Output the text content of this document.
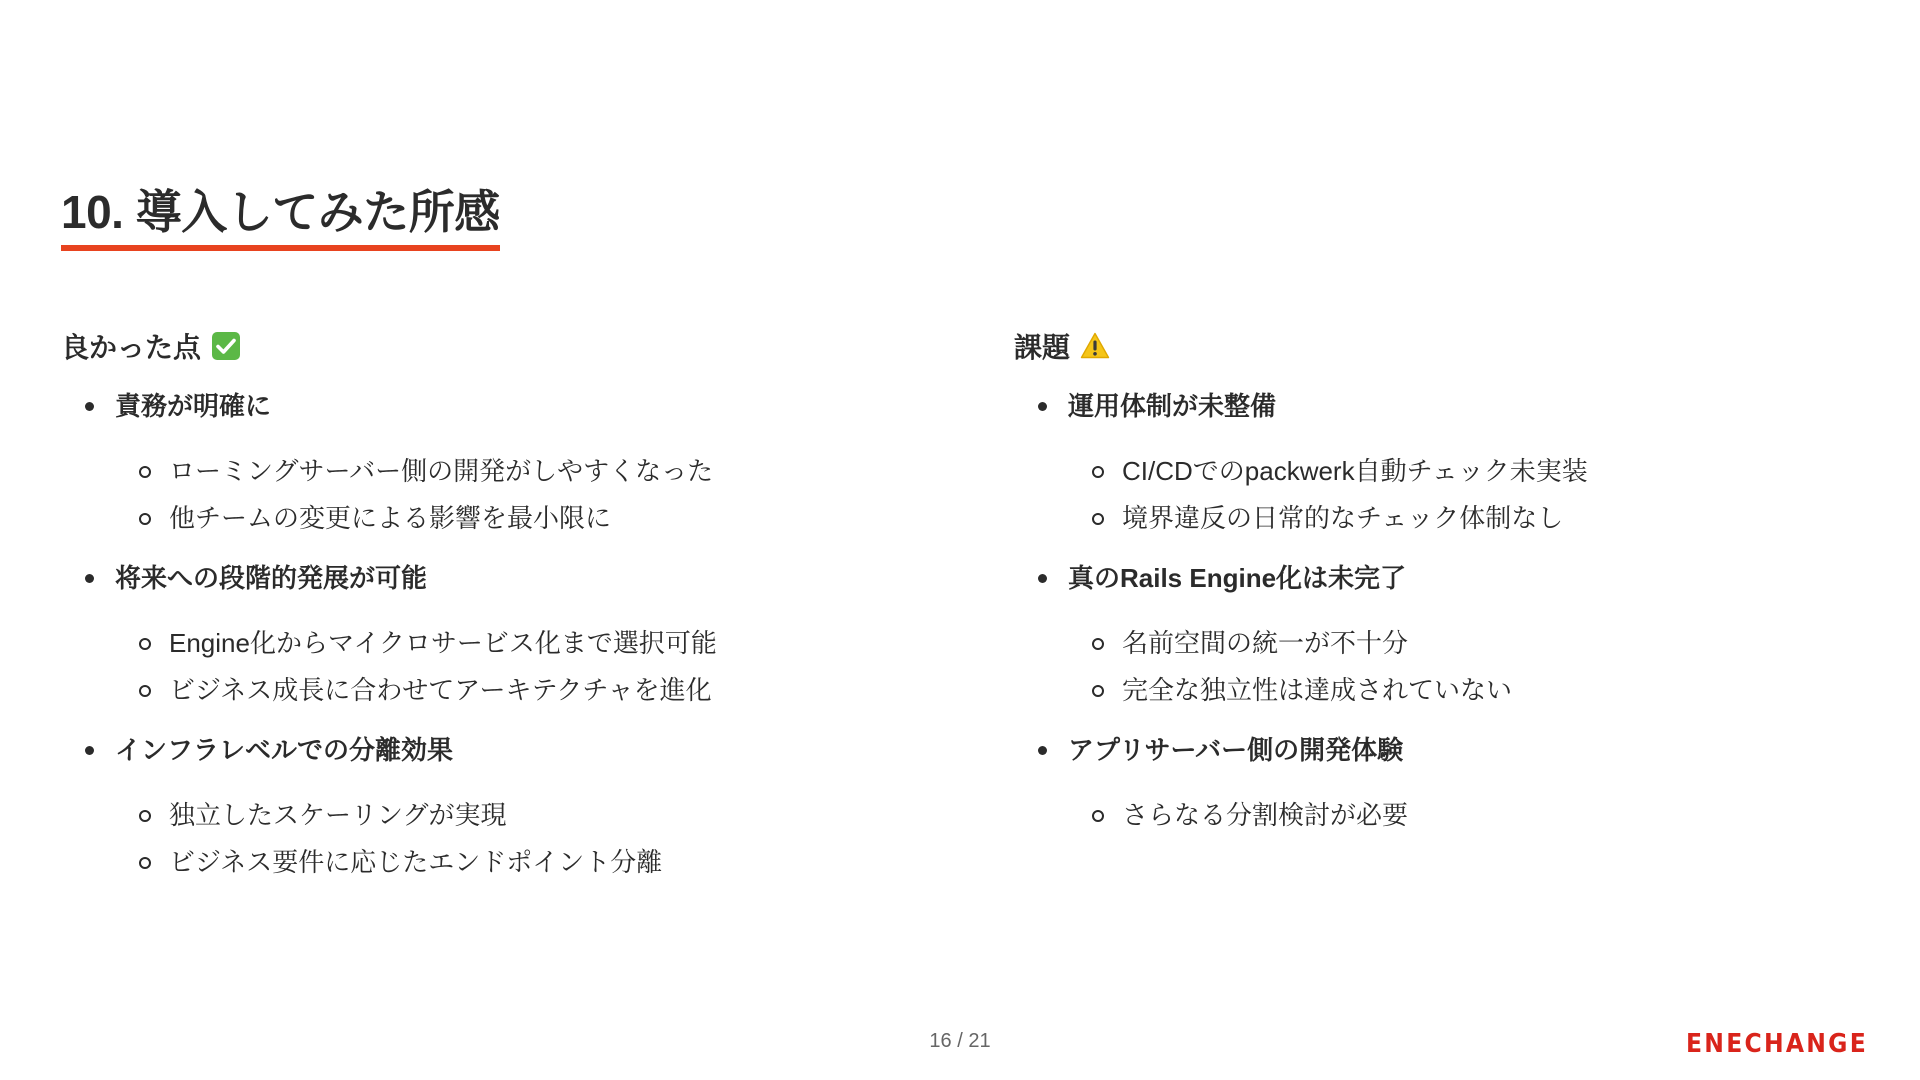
10. 導入してみた所感
良かった点
責務が明確に
ローミングサーバー側の開発がしやすくなった
他チームの変更による影響を最小限に
将来への段階的発展が可能
Engine化からマイクロサービス化まで選択可能
ビジネス成長に合わせてアーキテクチャを進化
インフラレベルでの分離効果
独立したスケーリングが実現
ビジネス要件に応じたエンドポイント分離
課題
運用体制が未整備
CI/CDでのpackwerk自動チェック未実装
境界違反の日常的なチェック体制なし
真のRails Engine化は未完了
名前空間の統一が不十分
完全な独立性は達成されていない
アプリサーバー側の開発体験
さらなる分割検討が必要
16 / 21	ENECHANGE
